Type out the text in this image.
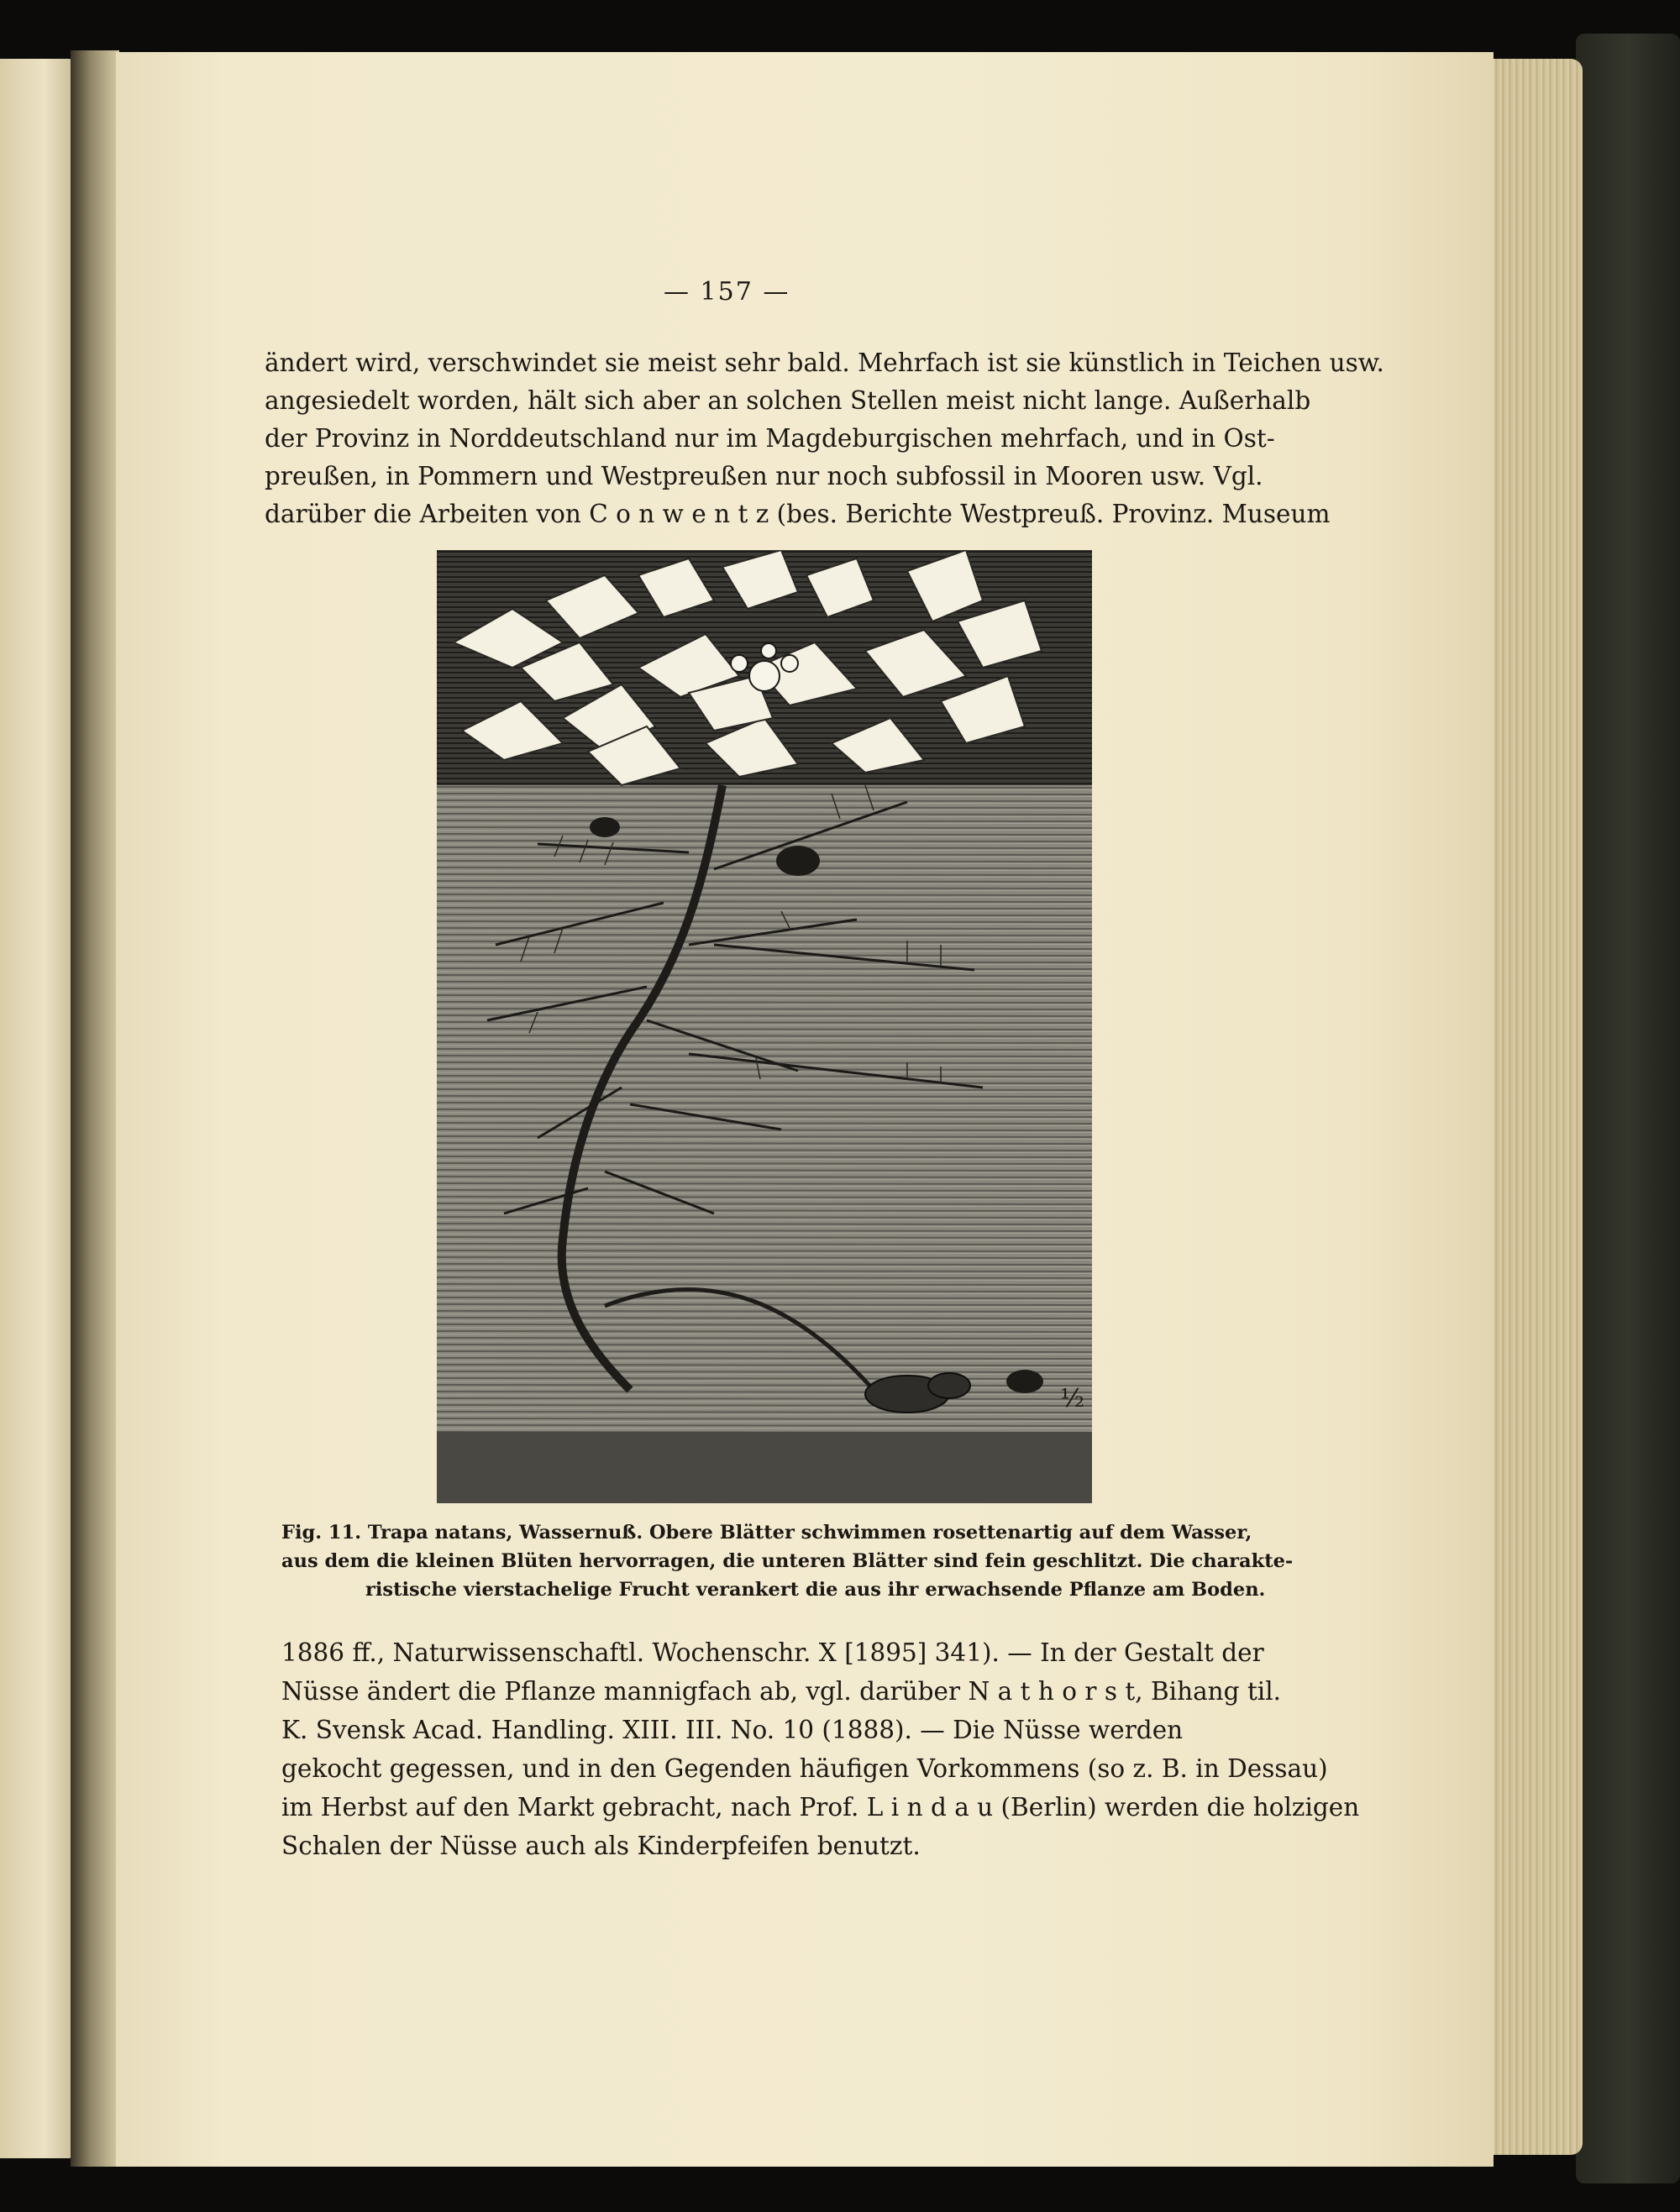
— 157 —
ändert wird, verschwindet sie meist sehr bald. Mehrfach ist sie künstlich in Teichen usw.
angesiedelt worden, hält sich aber an solchen Stellen meist nicht lange. Außerhalb
der Provinz in Norddeutschland nur im Magdeburgischen mehrfach, und in Ost-
preußen, in Pommern und Westpreußen nur noch subfossil in Mooren usw. Vgl.
darüber die Arbeiten von C o n w e n t z (bes. Berichte Westpreuß. Provinz. Museum
½
Fig. 11. Trapa natans, Wassernuß. Obere Blätter schwimmen rosettenartig auf dem Wasser,
aus dem die kleinen Blüten hervorragen, die unteren Blätter sind fein geschlitzt. Die charakte-
ristische vierstachelige Frucht verankert die aus ihr erwachsende Pflanze am Boden.
1886 ff., Naturwissenschaftl. Wochenschr. X [1895] 341). — In der Gestalt der
Nüsse ändert die Pflanze mannigfach ab, vgl. darüber N a t h o r s t, Bihang til.
K. Svensk Acad. Handling. XIII. III. No. 10 (1888). — Die Nüsse werden
gekocht gegessen, und in den Gegenden häufigen Vorkommens (so z. B. in Dessau)
im Herbst auf den Markt gebracht, nach Prof. L i n d a u (Berlin) werden die holzigen
Schalen der Nüsse auch als Kinderpfeifen benutzt.
